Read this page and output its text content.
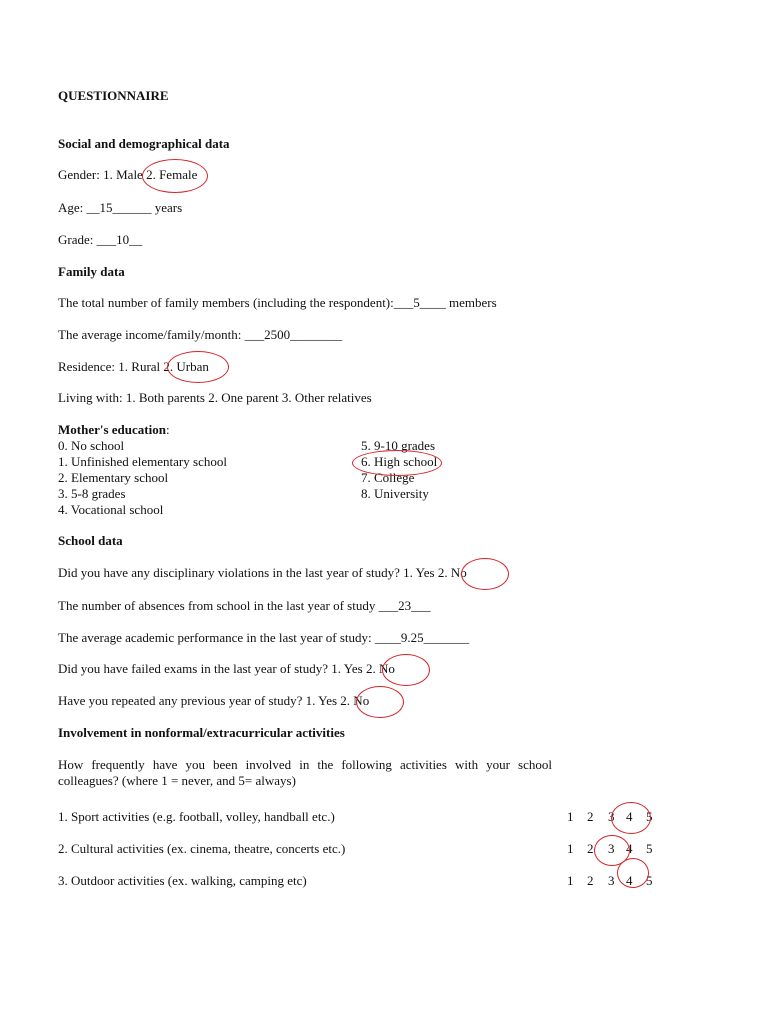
QUESTIONNAIRE
Social and demographical data
Gender: 1. Male 2. Female
Age: __15______ years
Grade: ___10__
Family data
The total number of family members (including the respondent):___5____ members
The average income/family/month: ___2500________
Residence: 1. Rural 2. Urban
Living with: 1. Both parents 2. One parent 3. Other relatives
Mother's education:
0. No school
1. Unfinished elementary school
2. Elementary school
3. 5-8 grades
4. Vocational school
5. 9-10 grades
6. High school
7. College
8. University
School data
Did you have any disciplinary violations in the last year of study? 1. Yes 2. No
The number of absences from school in the last year of study ___23___
The average academic performance in the last year of study: ____9.25_______
Did you have failed exams in the last year of study? 1. Yes 2. No
Have you repeated any previous year of study? 1. Yes 2. No
Involvement in nonformal/extracurricular activities
How frequently have you been involved in the following activities with your school colleagues? (where 1 = never, and 5= always)
1. Sport activities (e.g. football, volley, handball etc.)	1 2 3 4 5
2. Cultural activities (ex. cinema, theatre, concerts etc.)	1 2 3 4 5
3. Outdoor activities (ex. walking, camping etc)	1 2 3 4 5
